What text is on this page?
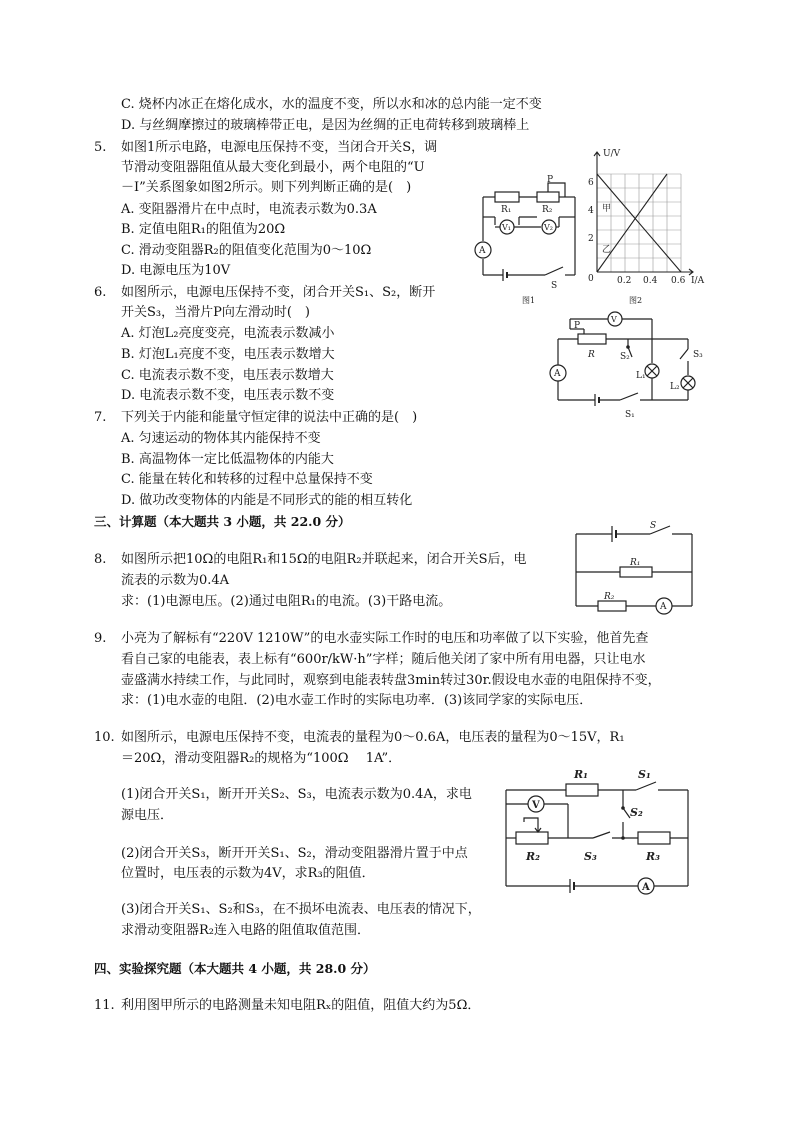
C. 烧杯内冰正在熔化成水，水的温度不变，所以水和冰的总内能一定不变
D. 与丝绸摩擦过的玻璃棒带正电，是因为丝绸的正电荷转移到玻璃棒上
5. 如图1所示电路，电源电压保持不变，当闭合开关S，调
节滑动变阻器阻值从最大变化到最小，两个电阻的“U
－I”关系图象如图2所示。则下列判断正确的是(　)
A. 变阻器滑片在中点时，电流表示数为0.3A
B. 定值电阻R₁的阻值为20Ω
C. 滑动变阻器R₂的阻值变化范围为0～10Ω
D. 电源电压为10V
P
R₁	R₂
V₁	V₂
A
S
图1
U/V
6
4
2
0	0.2 0.4 0.6 I/A
甲
乙
图2
6. 如图所示，电源电压保持不变，闭合开关S₁、S₂，断开
开关S₃，当滑片P向左滑动时(　)
A. 灯泡L₂亮度变亮，电流表示数减小
B. 灯泡L₁亮度不变，电压表示数增大
C. 电流表示数不变，电压表示数增大
D. 电流表示数不变，电压表示数不变
P
V
R	S₂	S₃
L₁
L₂
A
S₁
7. 下列关于内能和能量守恒定律的说法中正确的是(　)
A. 匀速运动的物体其内能保持不变
B. 高温物体一定比低温物体的内能大
C. 能量在转化和转移的过程中总量保持不变
D. 做功改变物体的内能是不同形式的能的相互转化
三、计算题（本大题共 3 小题，共 22.0 分）
8. 如图所示把10Ω的电阻R₁和15Ω的电阻R₂并联起来，闭合开关S后，电
流表的示数为0.4A
求：(1)电源电压。(2)通过电阻R₁的电流。(3)干路电流。
S
R₁
R₂
A
9. 小亮为了解标有“220V 1210W”的电水壶实际工作时的电压和功率做了以下实验，他首先查
看自己家的电能表，表上标有“600r/kW·h”字样；随后他关闭了家中所有用电器，只让电水
壶盛满水持续工作，与此同时，观察到电能表转盘3min转过30r.假设电水壶的电阻保持不变，
求：(1)电水壶的电阻．(2)电水壶工作时的实际电功率．(3)该同学家的实际电压．
10. 如图所示，电源电压保持不变，电流表的量程为0～0.6A，电压表的量程为0～15V，R₁
＝20Ω，滑动变阻器R₂的规格为“100Ω　 1A”．
(1)闭合开关S₁，断开开关S₂、S₃，电流表示数为0.4A，求电
源电压．
(2)闭合开关S₃，断开开关S₁、S₂，滑动变阻器滑片置于中点
位置时，电压表的示数为4V，求R₃的阻值．
(3)闭合开关S₁、S₂和S₃，在不损坏电流表、电压表的情况下，
求滑动变阻器R₂连入电路的阻值取值范围．
R₁	S₁
S₂
R₂	S₃	R₃
V
A
四、实验探究题（本大题共 4 小题，共 28.0 分）
11. 利用图甲所示的电路测量未知电阻Rₓ的阻值，阻值大约为5Ω．
